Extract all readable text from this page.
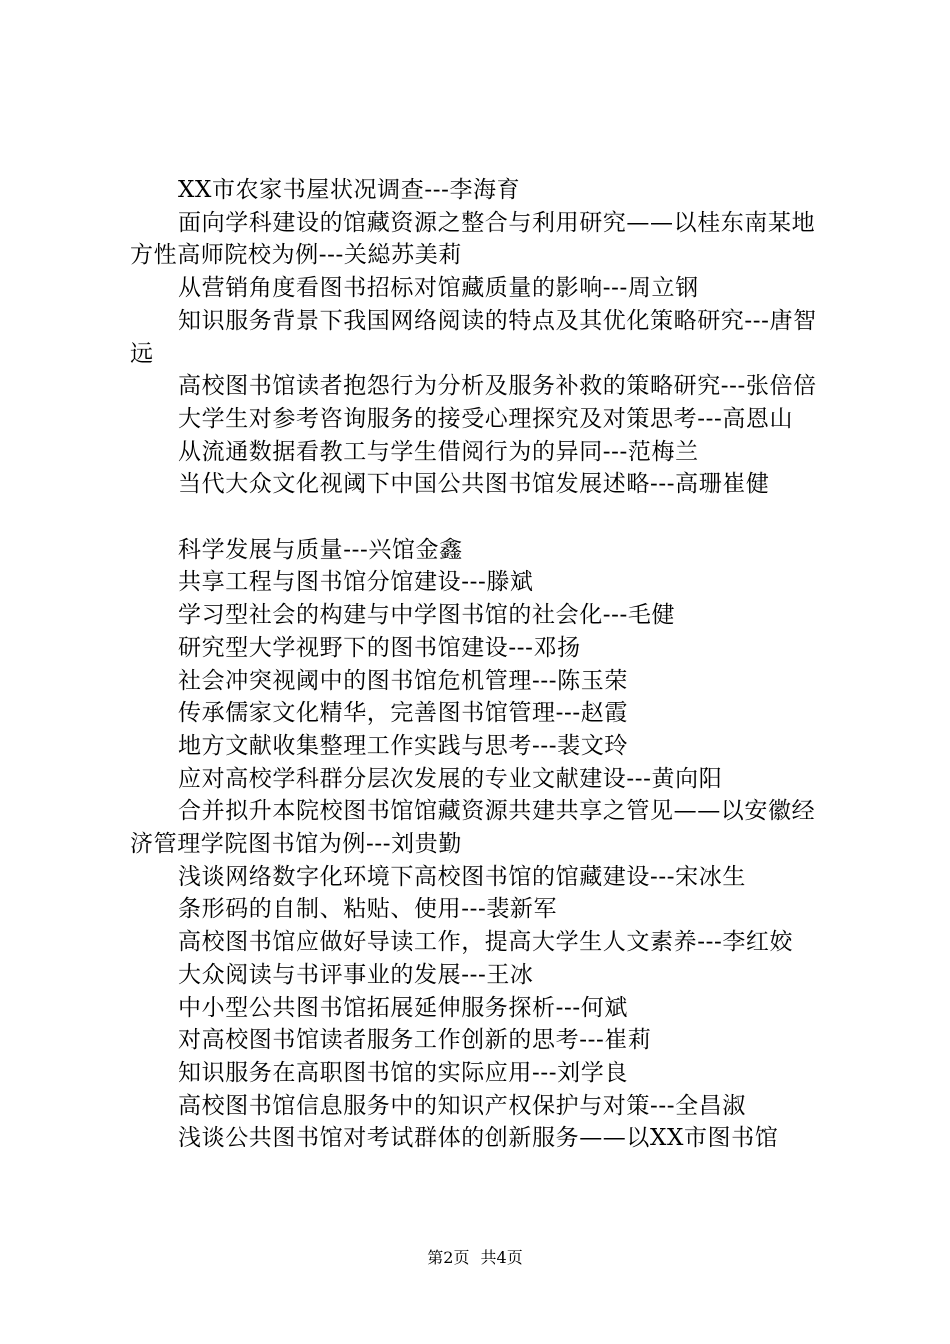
XX市农家书屋状况调查---李海育

面向学科建设的馆藏资源之整合与利用研究——以桂东南某地方性高师院校为例---关縂苏美莉

从营销角度看图书招标对馆藏质量的影响---周立钢

知识服务背景下我国网络阅读的特点及其优化策略研究---唐智远

高校图书馆读者抱怨行为分析及服务补救的策略研究---张倍倍

大学生对参考咨询服务的接受心理探究及对策思考---高恩山

从流通数据看教工与学生借阅行为的异同---范梅兰

当代大众文化视阈下中国公共图书馆发展述略---高珊崔健

科学发展与质量---兴馆金鑫

共享工程与图书馆分馆建设---滕斌

学习型社会的构建与中学图书馆的社会化---毛健

研究型大学视野下的图书馆建设---邓扬

社会冲突视阈中的图书馆危机管理---陈玉荣

传承儒家文化精华，完善图书馆管理---赵霞

地方文献收集整理工作实践与思考---裴文玲

应对高校学科群分层次发展的专业文献建设---黄向阳

合并拟升本院校图书馆馆藏资源共建共享之管见——以安徽经济管理学院图书馆为例---刘贵勤

浅谈网络数字化环境下高校图书馆的馆藏建设---宋冰生

条形码的自制、粘贴、使用---裴新军

高校图书馆应做好导读工作，提高大学生人文素养---李红姣

大众阅读与书评事业的发展---王冰

中小型公共图书馆拓展延伸服务探析---何斌

对高校图书馆读者服务工作创新的思考---崔莉

知识服务在高职图书馆的实际应用---刘学良

高校图书馆信息服务中的知识产权保护与对策---全昌淑

浅谈公共图书馆对考试群体的创新服务——以XX市图书馆

第2页 共4页
